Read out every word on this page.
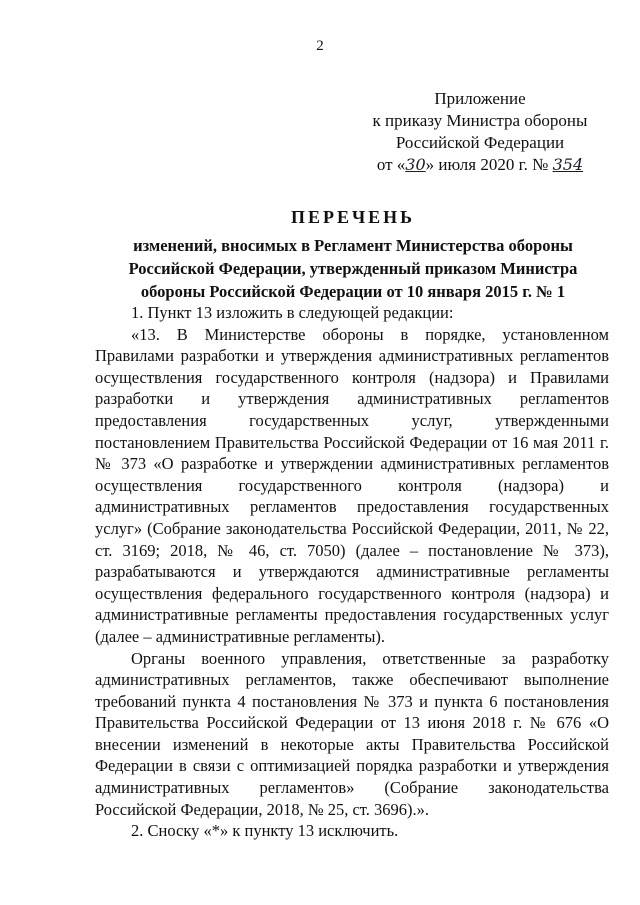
2
Приложение
к приказу Министра обороны
Российской Федерации
от «30» июля 2020 г. № 354
ПЕРЕЧЕНЬ
изменений, вносимых в Регламент Министерства обороны Российской Федерации, утвержденный приказом Министра обороны Российской Федерации от 10 января 2015 г. № 1

1. Пункт 13 изложить в следующей редакции:

«13. В Министерстве обороны в порядке, установленном Правилами разработки и утверждения административных реглаmентов осуществления государственного контроля (надзора) и Правилами разработки и утверждения административных реглаmентов предоставления государственных услуг, утвержденными постановлением Правительства Российской Федерации от 16 мая 2011 г. № 373 «О разработке и утверждении административных регламентов осуществления государственного контроля (надзора) и административных регламентов предоставления государственных услуг» (Собрание законодательства Российской Федерации, 2011, № 22, ст. 3169; 2018, № 46, ст. 7050) (далее – постановление № 373), разрабатываются и утверждаются административные регламенты осуществления федерального государственного контроля (надзора) и административные регламенты предоставления государственных услуг (далее – административные регламенты).

Органы военного управления, ответственные за разработку административных регламентов, также обеспечивают выполнение требований пункта 4 постановления № 373 и пункта 6 постановления Правительства Российской Федерации от 13 июня 2018 г. № 676 «О внесении изменений в некоторые акты Правительства Российской Федерации в связи с оптимизацией порядка разработки и утверждения административных регламентов» (Собрание законодательства Российской Федерации, 2018, № 25, ст. 3696).».

2. Сноску «*» к пункту 13 исключить.
